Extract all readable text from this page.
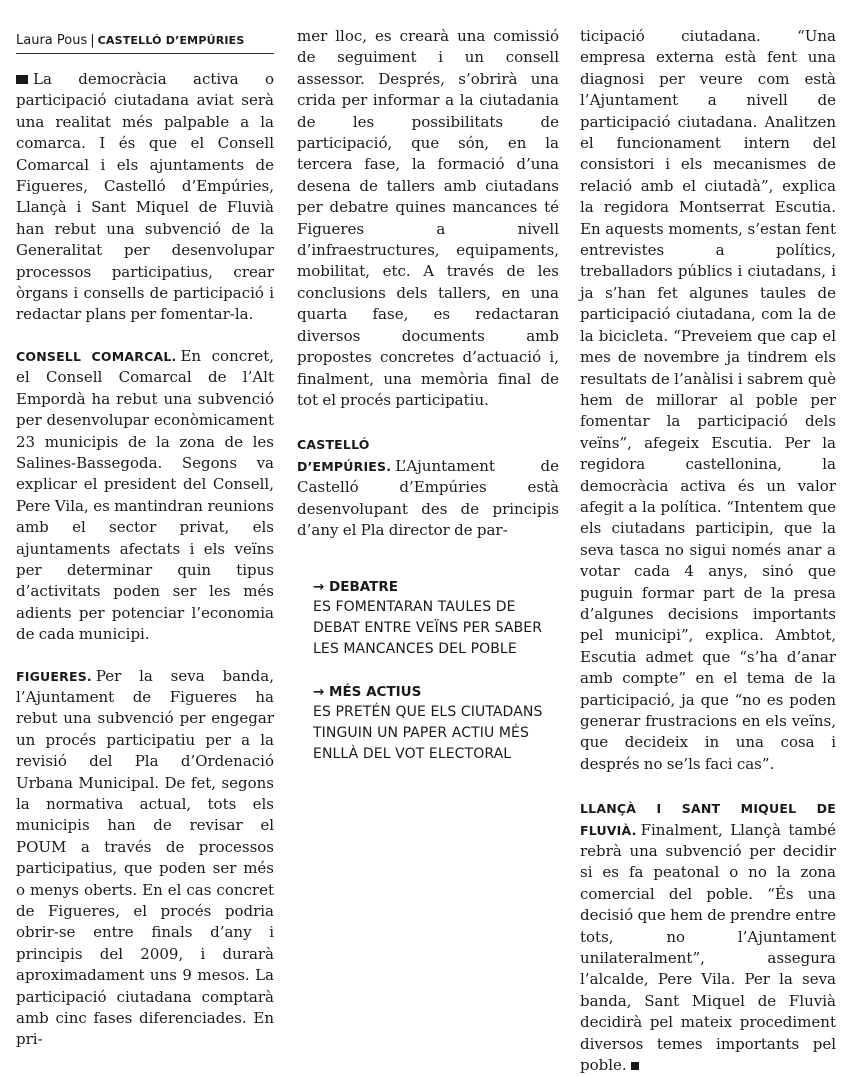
Laura Pous | CASTELLÓ D’EMPÚRIES

La democràcia activa o participació ciutadana aviat serà una realitat més palpable a la comarca. I és que el Consell Comarcal i els ajuntaments de Figueres, Castelló d’Empúries, Llançà i Sant Miquel de Fluvià han rebut una subvenció de la Generalitat per desenvolupar processos participatius, crear òrgans i consells de participació i redactar plans per fomentar-la.

CONSELL COMARCAL. En concret, el Consell Comarcal de l’Alt Empordà ha rebut una subvenció per desenvolupar econòmicament 23 municipis de la zona de les Salines-Bassegoda. Segons va explicar el president del Consell, Pere Vila, es mantindran reunions amb el sector privat, els ajuntaments afectats i els veïns per determinar quin tipus d’activitats poden ser les més adients per potenciar l’economia de cada municipi.

FIGUERES. Per la seva banda, l’Ajuntament de Figueres ha rebut una subvenció per engegar un procés participatiu per a la revisió del Pla d’Ordenació Urbana Municipal. De fet, segons la normativa actual, tots els municipis han de revisar el POUM a través de processos participatius, que poden ser més o menys oberts. En el cas concret de Figueres, el procés podria obrir-se entre finals d’any i principis del 2009, i durarà aproximadament uns 9 mesos. La participació ciutadana comptarà amb cinc fases diferenciades. En pri-

mer lloc, es crearà una comissió de seguiment i un consell assessor. Després, s’obrirà una crida per informar a la ciutadania de les possibilitats de participació, que són, en la tercera fase, la formació d’una desena de tallers amb ciutadans per debatre quines mancances té Figueres a nivell d’infraestructures, equipaments, mobilitat, etc. A través de les conclusions dels tallers, en una quarta fase, es redactaran diversos documents amb propostes concretes d’actuació i, finalment, una memòria final de tot el procés participatiu.

CASTELLÓ D’EMPÚRIES. L’Ajuntament de Castelló d’Empúries està desenvolupant des de principis d’any el Pla director de par-

→ DEBATRE
ES FOMENTARAN TAULES DE DEBAT ENTRE VEÏNS PER SABER LES MANCANCES DEL POBLE
→ MÉS ACTIUS
ES PRETÉN QUE ELS CIUTADANS TINGUIN UN PAPER ACTIU MÉS ENLLÀ DEL VOT ELECTORAL

ticipació ciutadana. “Una empresa externa està fent una diagnosi per veure com està l’Ajuntament a nivell de participació ciutadana. Analitzen el funcionament intern del consistori i els mecanismes de relació amb el ciutadà”, explica la regidora Montserrat Escutia. En aquests moments, s’estan fent entrevistes a polítics, treballadors públics i ciutadans, i ja s’han fet algunes taules de participació ciutadana, com la de la bicicleta. “Preveiem que cap el mes de novembre ja tindrem els resultats de l’anàlisi i sabrem què hem de millorar al poble per fomentar la participació dels veïns”, afegeix Escutia. Per la regidora castellonina, la democràcia activa és un valor afegit a la política. “Intentem que els ciutadans participin, que la seva tasca no sigui només anar a votar cada 4 anys, sinó que puguin formar part de la presa d’algunes decisions importants pel municipi”, explica. Ambtot, Escutia admet que “s’ha d’anar amb compte” en el tema de la participació, ja que “no es poden generar frustracions en els veïns, que decideix in una cosa i després no se’ls faci cas”.

LLANÇÀ I SANT MIQUEL DE FLUVIÀ. Finalment, Llançà també rebrà una subvenció per decidir si es fa peatonal o no la zona comercial del poble. “És una decisió que hem de prendre entre tots, no l’Ajuntament unilateralment”, assegura l’alcalde, Pere Vila. Per la seva banda, Sant Miquel de Fluvià decidirà pel mateix procediment diversos temes importants pel poble.
